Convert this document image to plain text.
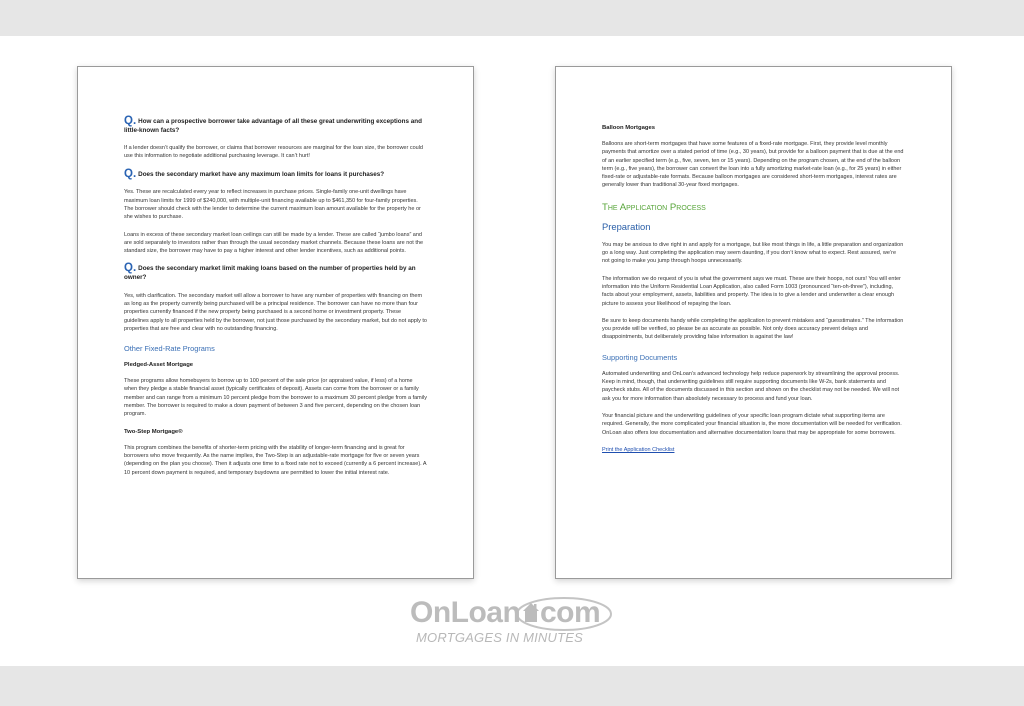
Q. How can a prospective borrower take advantage of all these great underwriting exceptions and little-known facts?

If a lender doesn’t qualify the borrower, or claims that borrower resources are marginal for the loan size, the borrower could use this information to negotiate additional purchasing leverage. It can’t hurt!

Q. Does the secondary market have any maximum loan limits for loans it purchases?

Yes. These are recalculated every year to reflect increases in purchase prices. Single-family one-unit dwellings have maximum loan limits for 1999 of $240,000, with multiple-unit financing available up to $461,350 for four-family properties. The borrower should check with the lender to determine the current maximum loan amount available for the property he or she wishes to purchase.

Loans in excess of these secondary market loan ceilings can still be made by a lender. These are called “jumbo loans” and are sold separately to investors rather than through the usual secondary market channels. Because these loans are not the standard size, the borrower may have to pay a higher interest and other lender incentives, such as additional points.

Q. Does the secondary market limit making loans based on the number of properties held by an owner?

Yes, with clarification. The secondary market will allow a borrower to have any number of properties with financing on them as long as the property currently being purchased will be a principal residence. The borrower can have no more than four properties currently financed if the new property being purchased is a second home or investment property. These guidelines apply to all properties held by the borrower, not just those purchased by the secondary market, but do not apply to properties that are free and clear with no outstanding financing.

Other Fixed-Rate Programs

Pledged-Asset Mortgage

These programs allow homebuyers to borrow up to 100 percent of the sale price (or appraised value, if less) of a home when they pledge a stable financial asset (typically certificates of deposit). Assets can come from the borrower or a family member and can range from a minimum 10 percent pledge from the borrower to a maximum 30 percent pledge from a family member. The borrower is required to make a down payment of between 3 and five percent, depending on the chosen loan program.

Two-Step Mortgage®

This program combines the benefits of shorter-term pricing with the stability of longer-term financing and is great for borrowers who move frequently. As the name implies, the Two-Step is an adjustable-rate mortgage for five or seven years (depending on the plan you choose). Then it adjusts one time to a fixed rate not to exceed (currently a 6 percent increase). A 10 percent down payment is required, and temporary buydowns are permitted to lower the initial interest rate.

Balloon Mortgages

Balloons are short-term mortgages that have some features of a fixed-rate mortgage. First, they provide level monthly payments that amortize over a stated period of time (e.g., 30 years), but provide for a balloon payment that is due at the end of an earlier specified term (e.g., five, seven, ten or 15 years). Depending on the program chosen, at the end of the balloon term (e.g., five years), the borrower can convert the loan into a fully amortizing market-rate loan (e.g., for 25 years) in either fixed-rate or adjustable-rate formats. Because balloon mortgages are considered short-term mortgages, interest rates are generally lower than traditional 30-year fixed mortgages.

The Application Process

Preparation

You may be anxious to dive right in and apply for a mortgage, but like most things in life, a little preparation and organization go a long way. Just completing the application may seem daunting, if you don’t know what to expect. Rest assured, we’re not going to make you jump through hoops unnecessarily.

The information we do request of you is what the government says we must. These are their hoops, not ours! You will enter information into the Uniform Residential Loan Application, also called Form 1003 (pronounced “ten-oh-three”), including, facts about your employment, assets, liabilities and property. The idea is to give a lender and underwriter a clear enough picture to assess your likelihood of repaying the loan.

Be sure to keep documents handy while completing the application to prevent mistakes and “guesstimates.” The information you provide will be verified, so please be as accurate as possible. Not only does accuracy prevent delays and disappointments, but deliberately providing false information is against the law!

Supporting Documents

Automated underwriting and OnLoan’s advanced technology help reduce paperwork by streamlining the approval process. Keep in mind, though, that underwriting guidelines still require supporting documents like W-2s, bank statements and paycheck stubs. All of the documents discussed in this section and shown on the checklist may not be needed. We will not ask you for more information than absolutely necessary to process and fund your loan.

Your financial picture and the underwriting guidelines of your specific loan program dictate what supporting items are required. Generally, the more complicated your financial situation is, the more documentation will be needed for verification. OnLoan also offers low documentation and alternative documentation loans that may be appropriate for some borrowers.

Print the Application Checklist

OnLoan com
MORTGAGES IN MINUTES
